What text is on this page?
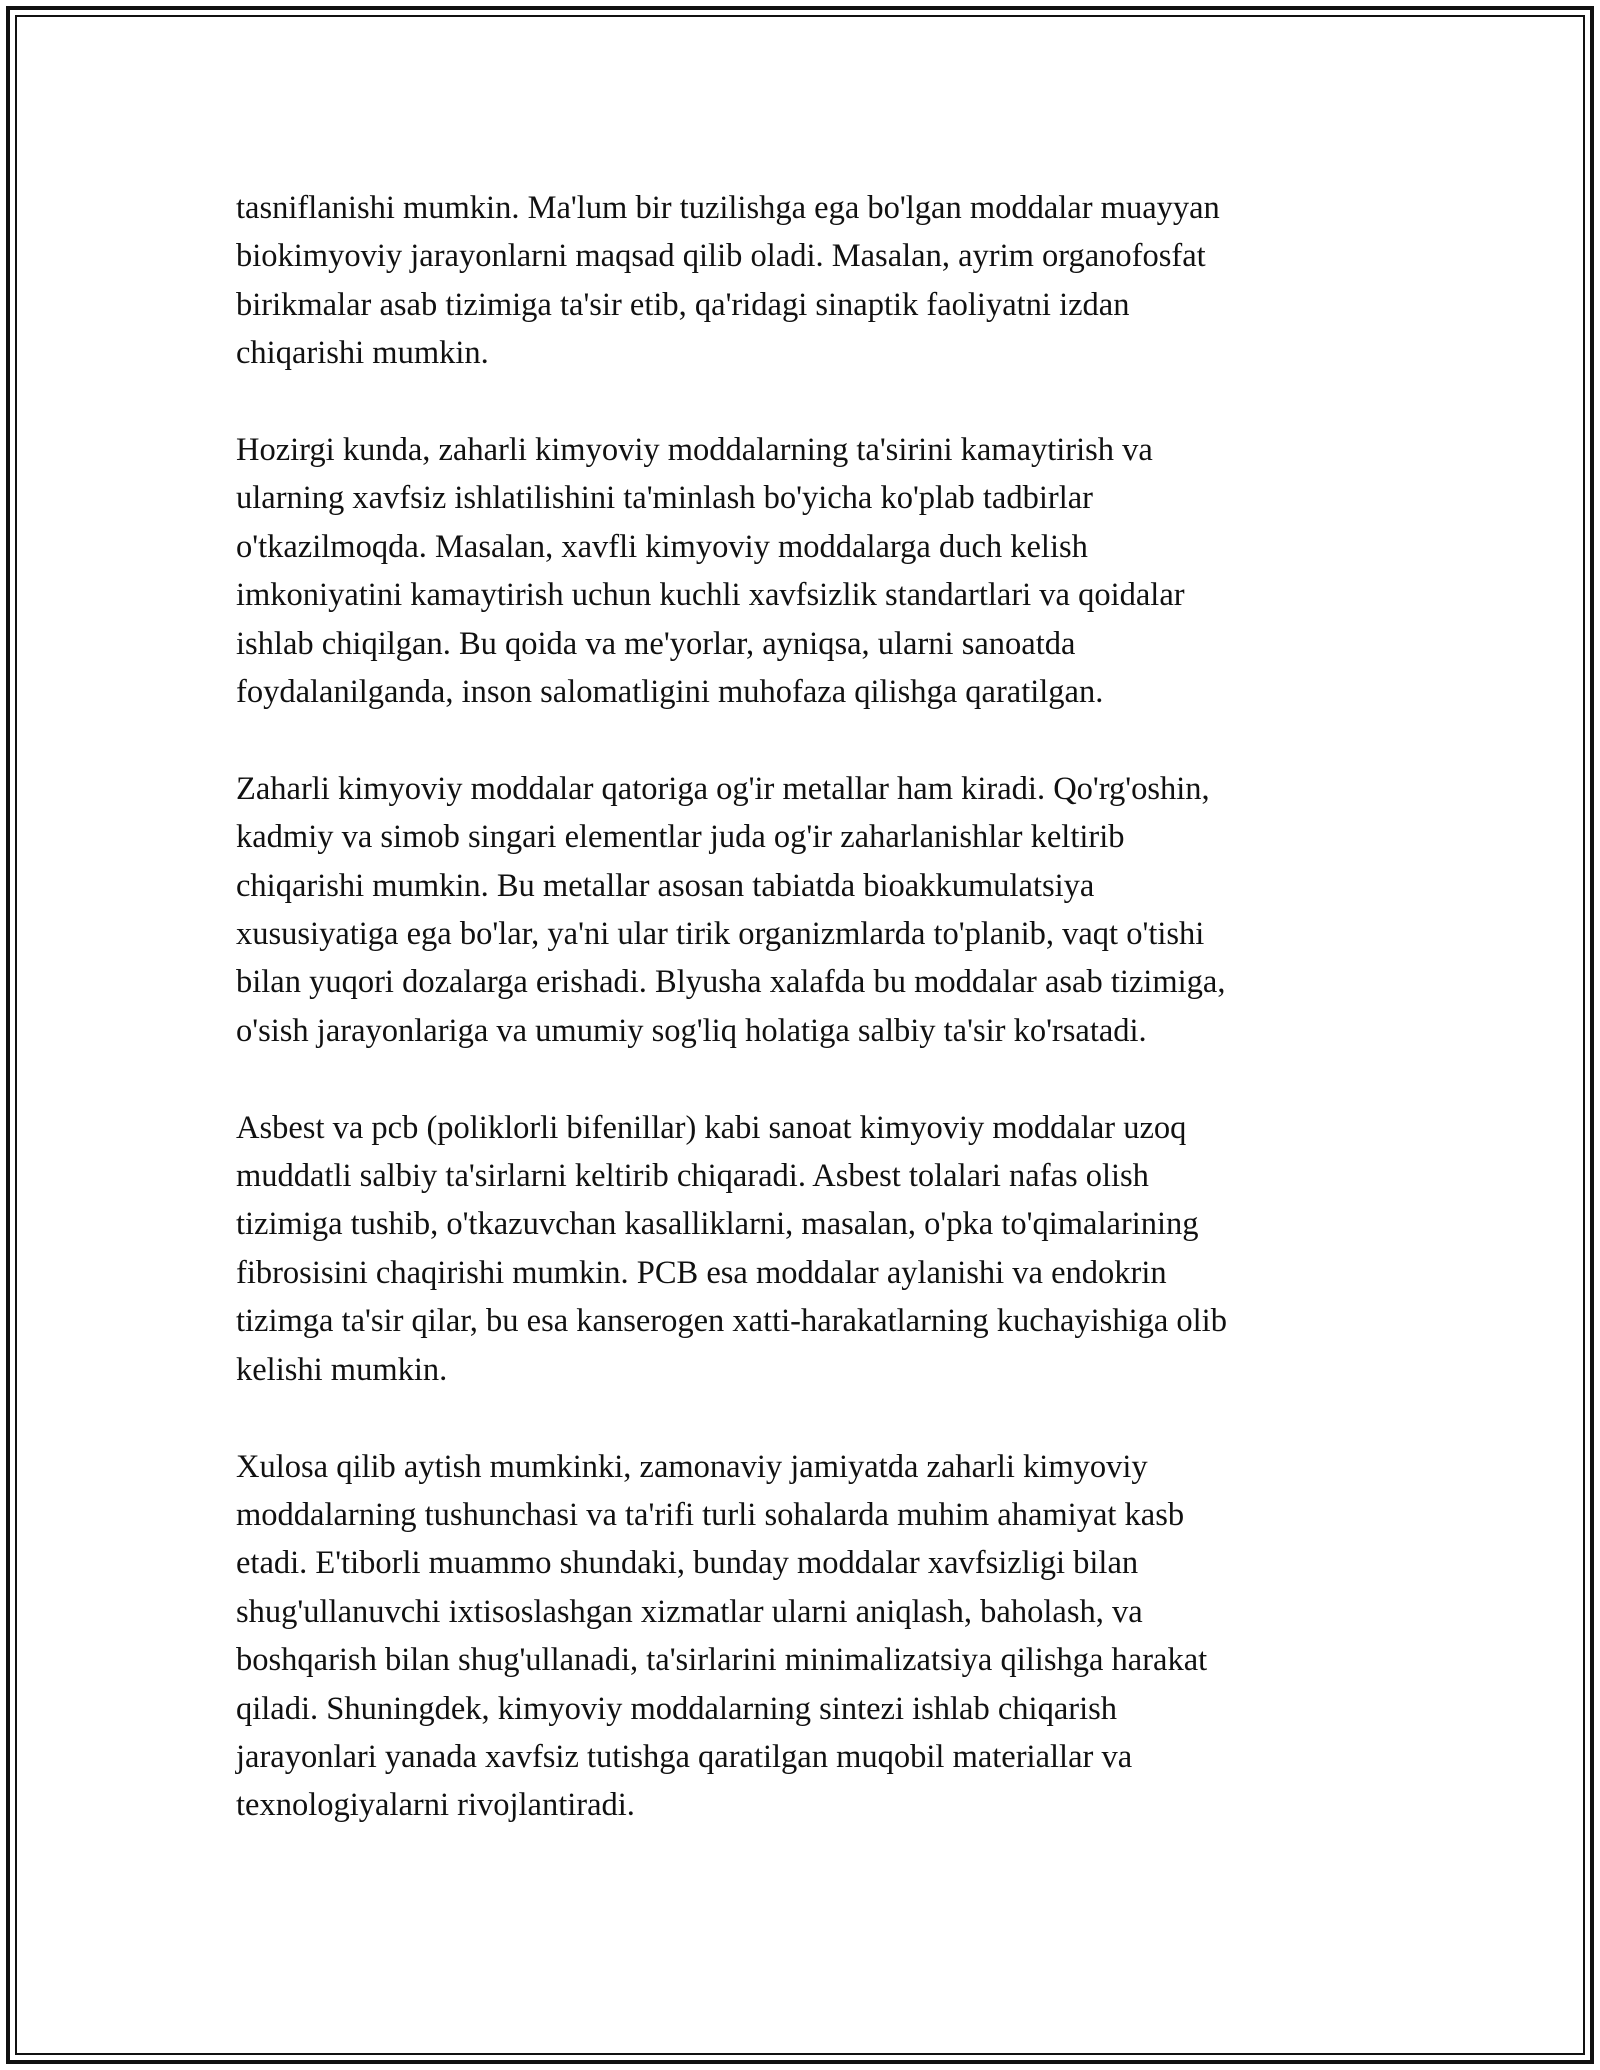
tasniflanishi mumkin. Ma'lum bir tuzilishga ega bo'lgan moddalar muayyan
biokimyoviy jarayonlarni maqsad qilib oladi. Masalan, ayrim organofosfat
birikmalar asab tizimiga ta'sir etib, qa'ridagi sinaptik faoliyatni izdan
chiqarishi mumkin.

Hozirgi kunda, zaharli kimyoviy moddalarning ta'sirini kamaytirish va
ularning xavfsiz ishlatilishini ta'minlash bo'yicha ko'plab tadbirlar
o'tkazilmoqda. Masalan, xavfli kimyoviy moddalarga duch kelish
imkoniyatini kamaytirish uchun kuchli xavfsizlik standartlari va qoidalar
ishlab chiqilgan. Bu qoida va me'yorlar, ayniqsa, ularni sanoatda
foydalanilganda, inson salomatligini muhofaza qilishga qaratilgan.

Zaharli kimyoviy moddalar qatoriga og'ir metallar ham kiradi. Qo'rg'oshin,
kadmiy va simob singari elementlar juda og'ir zaharlanishlar keltirib
chiqarishi mumkin. Bu metallar asosan tabiatda bioakkumulatsiya
xususiyatiga ega bo'lar, ya'ni ular tirik organizmlarda to'planib, vaqt o'tishi
bilan yuqori dozalarga erishadi. Blyusha xalafda bu moddalar asab tizimiga,
o'sish jarayonlariga va umumiy sog'liq holatiga salbiy ta'sir ko'rsatadi.

Asbest va pcb (poliklorli bifenillar) kabi sanoat kimyoviy moddalar uzoq
muddatli salbiy ta'sirlarni keltirib chiqaradi. Asbest tolalari nafas olish
tizimiga tushib, o'tkazuvchan kasalliklarni, masalan, o'pka to'qimalarining
fibrosisini chaqirishi mumkin. PCB esa moddalar aylanishi va endokrin
tizimga ta'sir qilar, bu esa kanserogen xatti-harakatlarning kuchayishiga olib
kelishi mumkin.

Xulosa qilib aytish mumkinki, zamonaviy jamiyatda zaharli kimyoviy
moddalarning tushunchasi va ta'rifi turli sohalarda muhim ahamiyat kasb
etadi. E'tiborli muammo shundaki, bunday moddalar xavfsizligi bilan
shug'ullanuvchi ixtisoslashgan xizmatlar ularni aniqlash, baholash, va
boshqarish bilan shug'ullanadi, ta'sirlarini minimalizatsiya qilishga harakat
qiladi. Shuningdek, kimyoviy moddalarning sintezi ishlab chiqarish
jarayonlari yanada xavfsiz tutishga qaratilgan muqobil materiallar va
texnologiyalarni rivojlantiradi.
